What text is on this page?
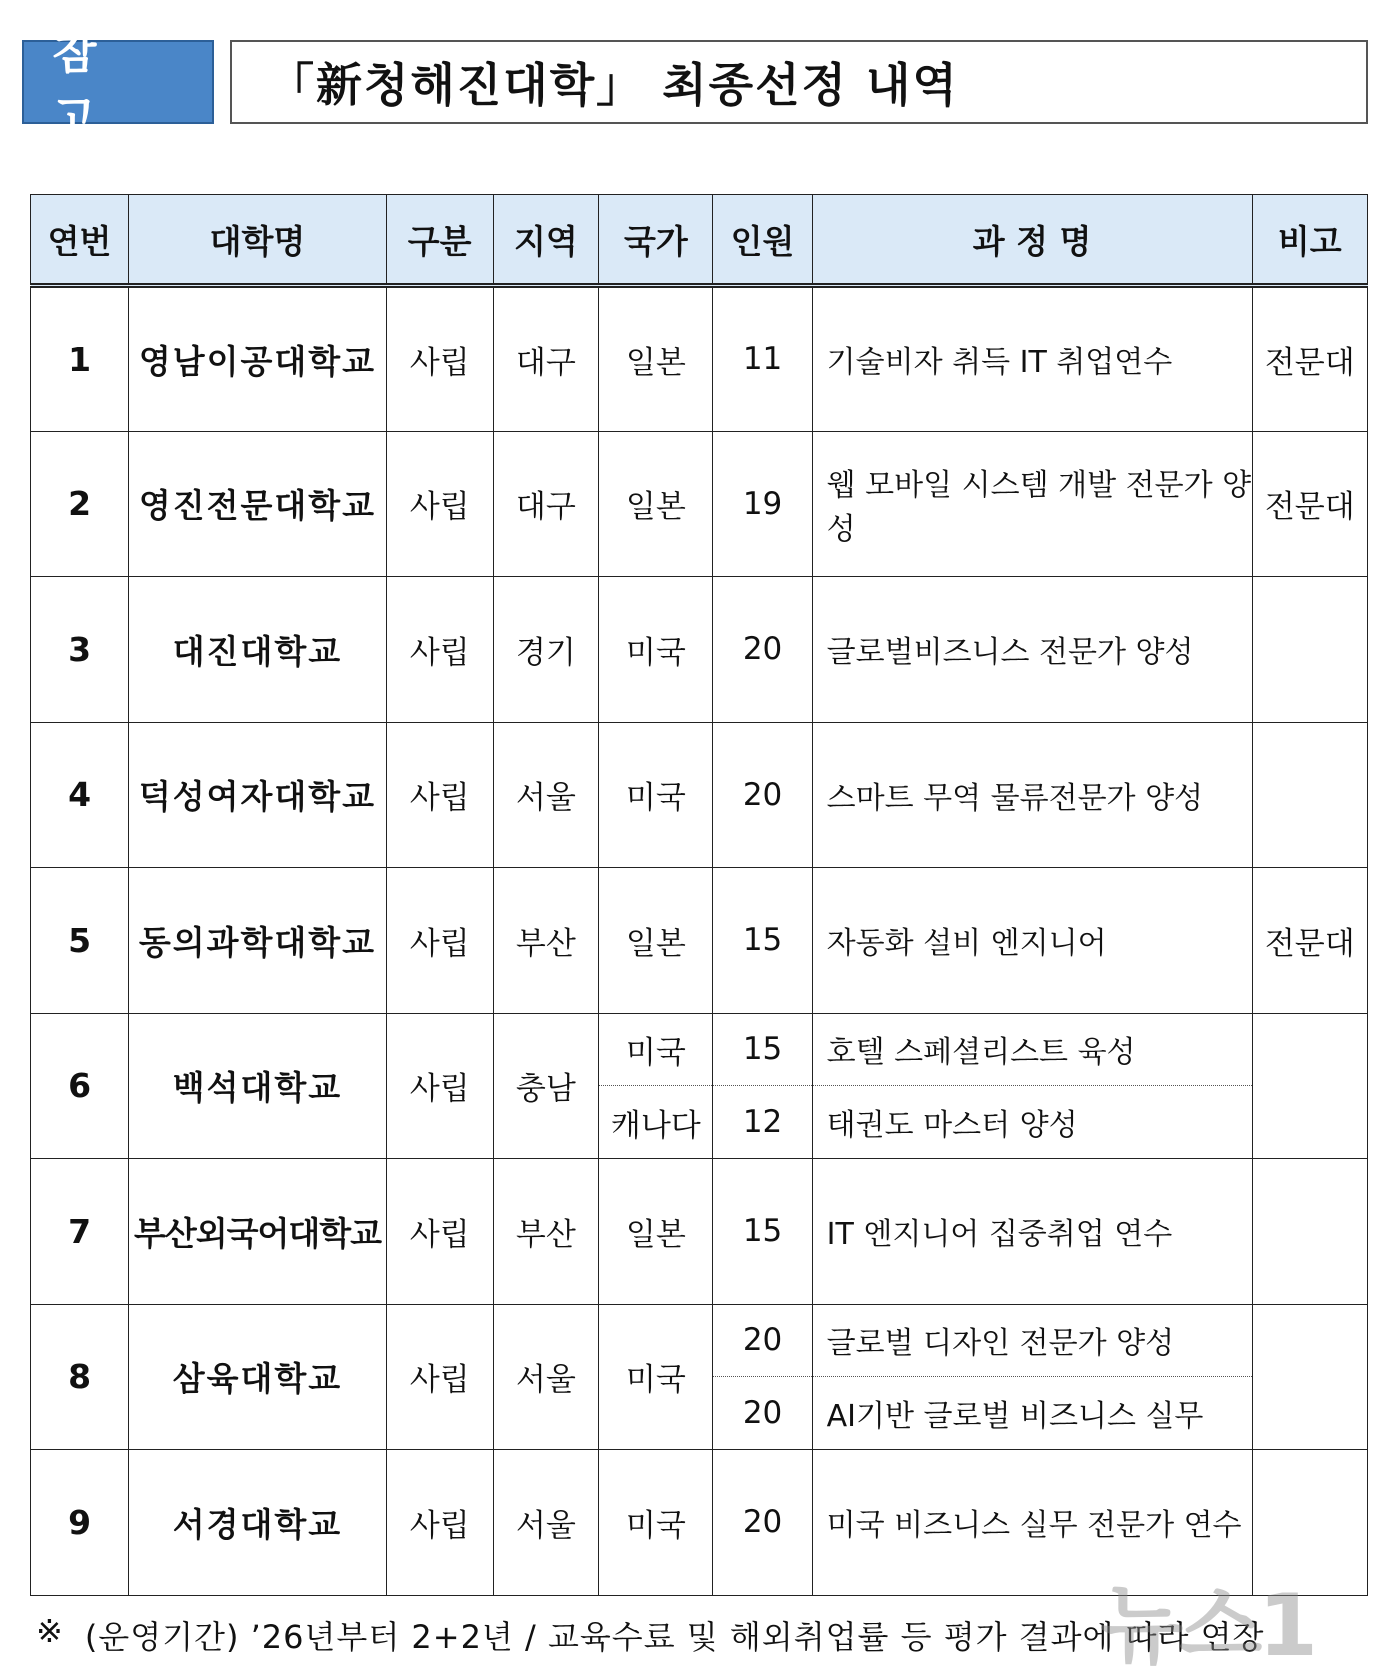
참 고
「新청해진대학」 최종선정 내역
연번	대학명	구분	지역	국가	인원	과 정 명	비고
1	영남이공대학교	사립	대구	일본	11	기술비자 취득 IT 취업연수	전문대
2	영진전문대학교	사립	대구	일본	19	웹 모바일 시스템 개발 전문가 양성	전문대
3	대진대학교	사립	경기	미국	20	글로벌비즈니스 전문가 양성	
4	덕성여자대학교	사립	서울	미국	20	스마트 무역 물류전문가 양성	
5	동의과학대학교	사립	부산	일본	15	자동화 설비 엔지니어	전문대
6	백석대학교	사립	충남	미국	15	호텔 스페셜리스트 육성	
				캐나다	12	태권도 마스터 양성	
7	부산외국어대학교	사립	부산	일본	15	IT 엔지니어 집중취업 연수	
8	삼육대학교	사립	서울	미국	20	글로벌 디자인 전문가 양성	
					20	AI기반 글로벌 비즈니스 실무	
9	서경대학교	사립	서울	미국	20	미국 비즈니스 실무 전문가 연수	
※ (운영기간) ’26년부터 2+2년 / 교육수료 및 해외취업률 등 평가 결과에 따라 연장
뉴스1
